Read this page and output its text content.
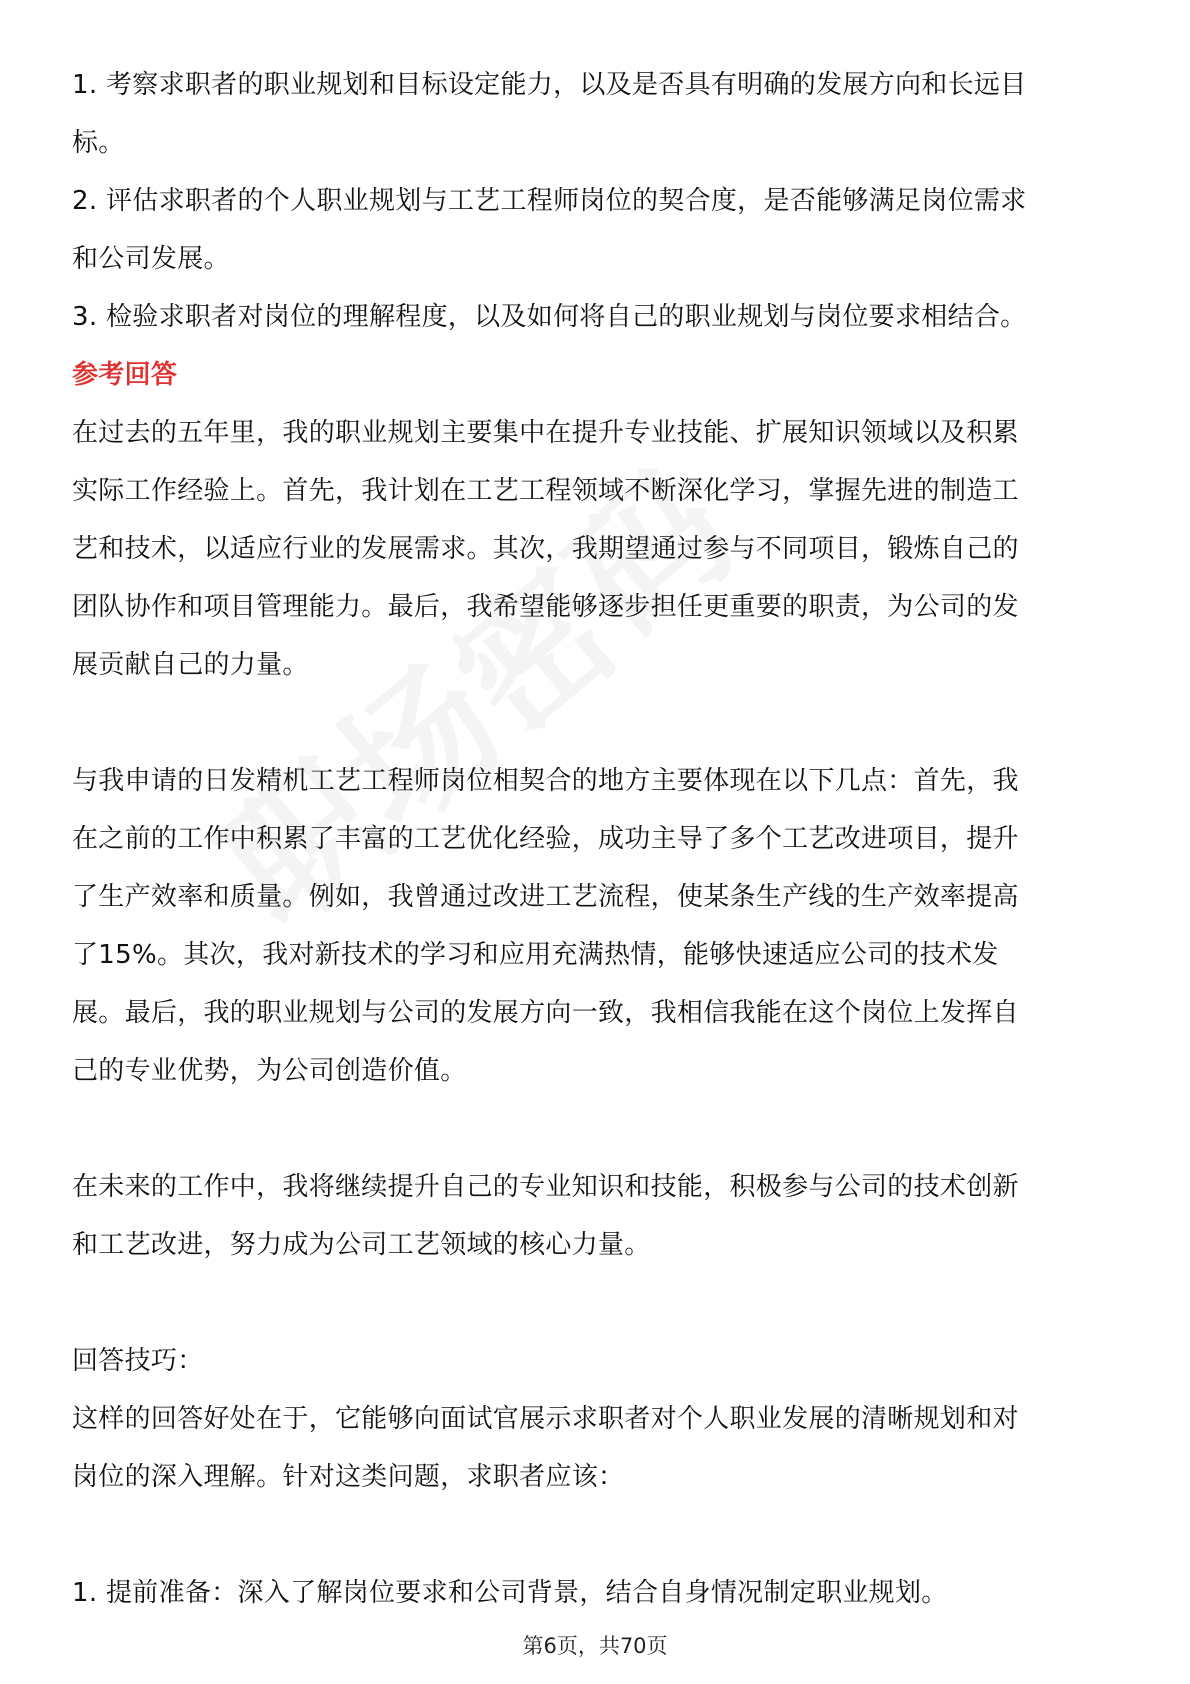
1. 考察求职者的职业规划和目标设定能力，以及是否具有明确的发展方向和长远目
标。
2. 评估求职者的个人职业规划与工艺工程师岗位的契合度，是否能够满足岗位需求
和公司发展。
3. 检验求职者对岗位的理解程度，以及如何将自己的职业规划与岗位要求相结合。
参考回答
在过去的五年里，我的职业规划主要集中在提升专业技能、扩展知识领域以及积累
实际工作经验上。首先，我计划在工艺工程领域不断深化学习，掌握先进的制造工
艺和技术，以适应行业的发展需求。其次，我期望通过参与不同项目，锻炼自己的
团队协作和项目管理能力。最后，我希望能够逐步担任更重要的职责，为公司的发
展贡献自己的力量。
与我申请的日发精机工艺工程师岗位相契合的地方主要体现在以下几点：首先，我
在之前的工作中积累了丰富的工艺优化经验，成功主导了多个工艺改进项目，提升
了生产效率和质量。例如，我曾通过改进工艺流程，使某条生产线的生产效率提高
了15%。其次，我对新技术的学习和应用充满热情，能够快速适应公司的技术发
展。最后，我的职业规划与公司的发展方向一致，我相信我能在这个岗位上发挥自
己的专业优势，为公司创造价值。
在未来的工作中，我将继续提升自己的专业知识和技能，积极参与公司的技术创新
和工艺改进，努力成为公司工艺领域的核心力量。
回答技巧：
这样的回答好处在于，它能够向面试官展示求职者对个人职业发展的清晰规划和对
岗位的深入理解。针对这类问题，求职者应该：
1. 提前准备：深入了解岗位要求和公司背景，结合自身情况制定职业规划。
第6页，共70页
